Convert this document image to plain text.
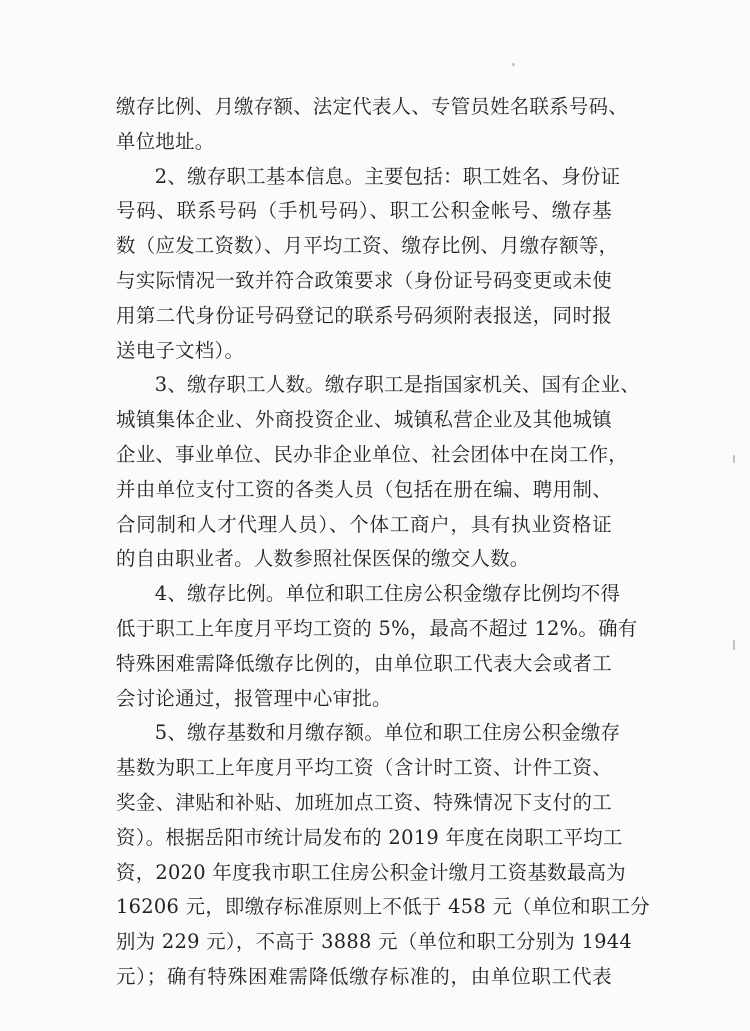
缴存比例、月缴存额、法定代表人、专管员姓名联系号码、
单位地址。
2、缴存职工基本信息。主要包括：职工姓名、身份证
号码、联系号码（手机号码）、职工公积金帐号、缴存基
数（应发工资数）、月平均工资、缴存比例、月缴存额等，
与实际情况一致并符合政策要求（身份证号码变更或未使
用第二代身份证号码登记的联系号码须附表报送，同时报
送电子文档）。
3、缴存职工人数。缴存职工是指国家机关、国有企业、
城镇集体企业、外商投资企业、城镇私营企业及其他城镇
企业、事业单位、民办非企业单位、社会团体中在岗工作，
并由单位支付工资的各类人员（包括在册在编、聘用制、
合同制和人才代理人员）、个体工商户，具有执业资格证
的自由职业者。人数参照社保医保的缴交人数。
4、缴存比例。单位和职工住房公积金缴存比例均不得
低于职工上年度月平均工资的 5%，最高不超过 12%。确有
特殊困难需降低缴存比例的，由单位职工代表大会或者工
会讨论通过，报管理中心审批。
5、缴存基数和月缴存额。单位和职工住房公积金缴存
基数为职工上年度月平均工资（含计时工资、计件工资、
奖金、津贴和补贴、加班加点工资、特殊情况下支付的工
资）。根据岳阳市统计局发布的 2019 年度在岗职工平均工
资，2020 年度我市职工住房公积金计缴月工资基数最高为
16206 元，即缴存标准原则上不低于 458 元（单位和职工分
别为 229 元），不高于 3888 元（单位和职工分别为 1944
元）；确有特殊困难需降低缴存标准的，由单位职工代表
